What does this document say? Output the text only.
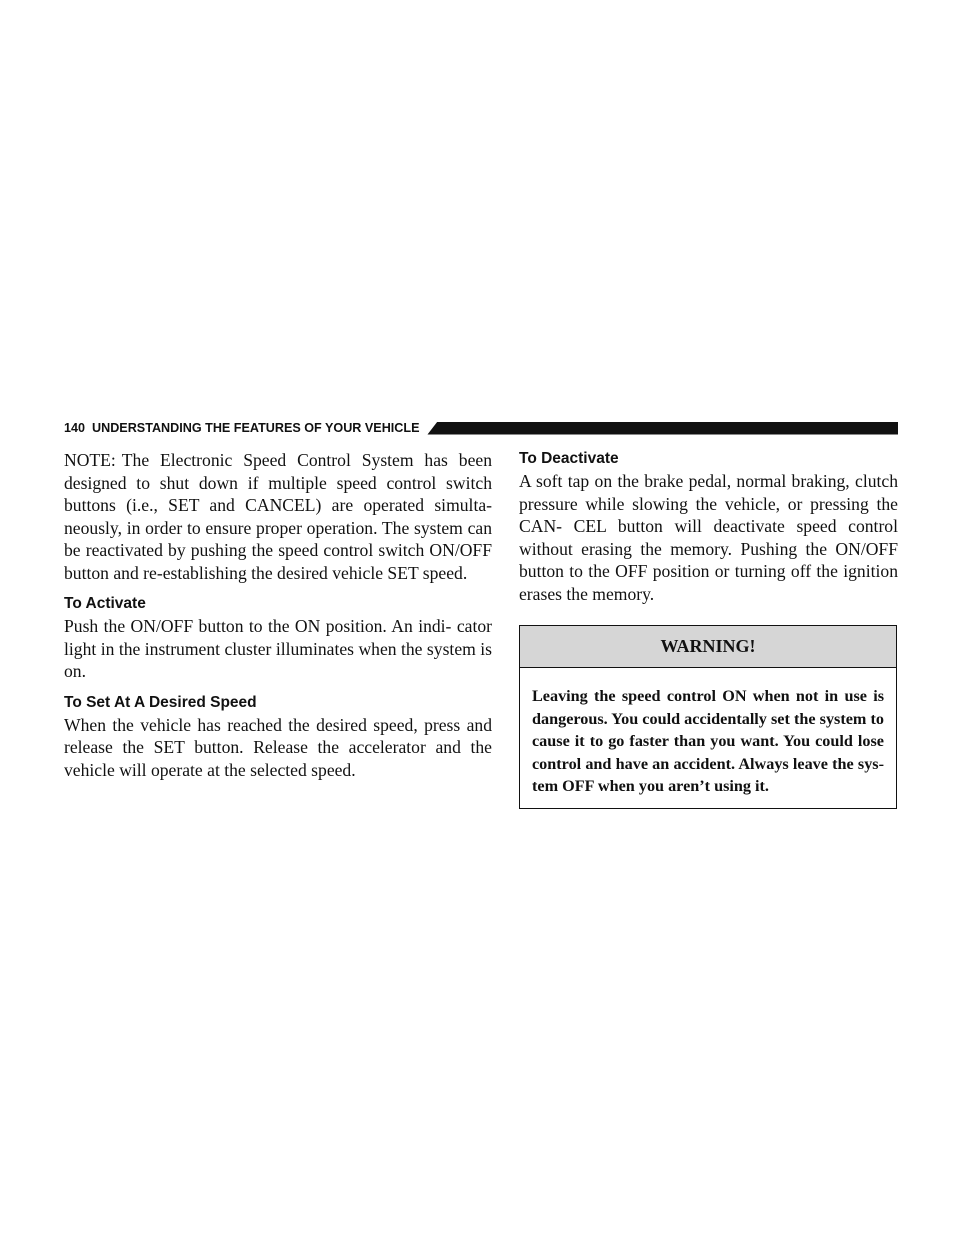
140 UNDERSTANDING THE FEATURES OF YOUR VEHICLE

NOTE: The Electronic Speed Control System has been designed to shut down if multiple speed control switch buttons (i.e., SET and CANCEL) are operated simulta- neously, in order to ensure proper operation. The system can be reactivated by pushing the speed control switch ON/OFF button and re-establishing the desired vehicle SET speed.

To Activate

Push the ON/OFF button to the ON position. An indi- cator light in the instrument cluster illuminates when the system is on.

To Set At A Desired Speed

When the vehicle has reached the desired speed, press and release the SET button. Release the accelerator and the vehicle will operate at the selected speed.

To Deactivate

A soft tap on the brake pedal, normal braking, clutch pressure while slowing the vehicle, or pressing the CAN- CEL button will deactivate speed control without erasing the memory. Pushing the ON/OFF button to the OFF position or turning off the ignition erases the memory.

WARNING!
Leaving the speed control ON when not in use is dangerous. You could accidentally set the system to cause it to go faster than you want. You could lose control and have an accident. Always leave the sys- tem OFF when you aren’t using it.
